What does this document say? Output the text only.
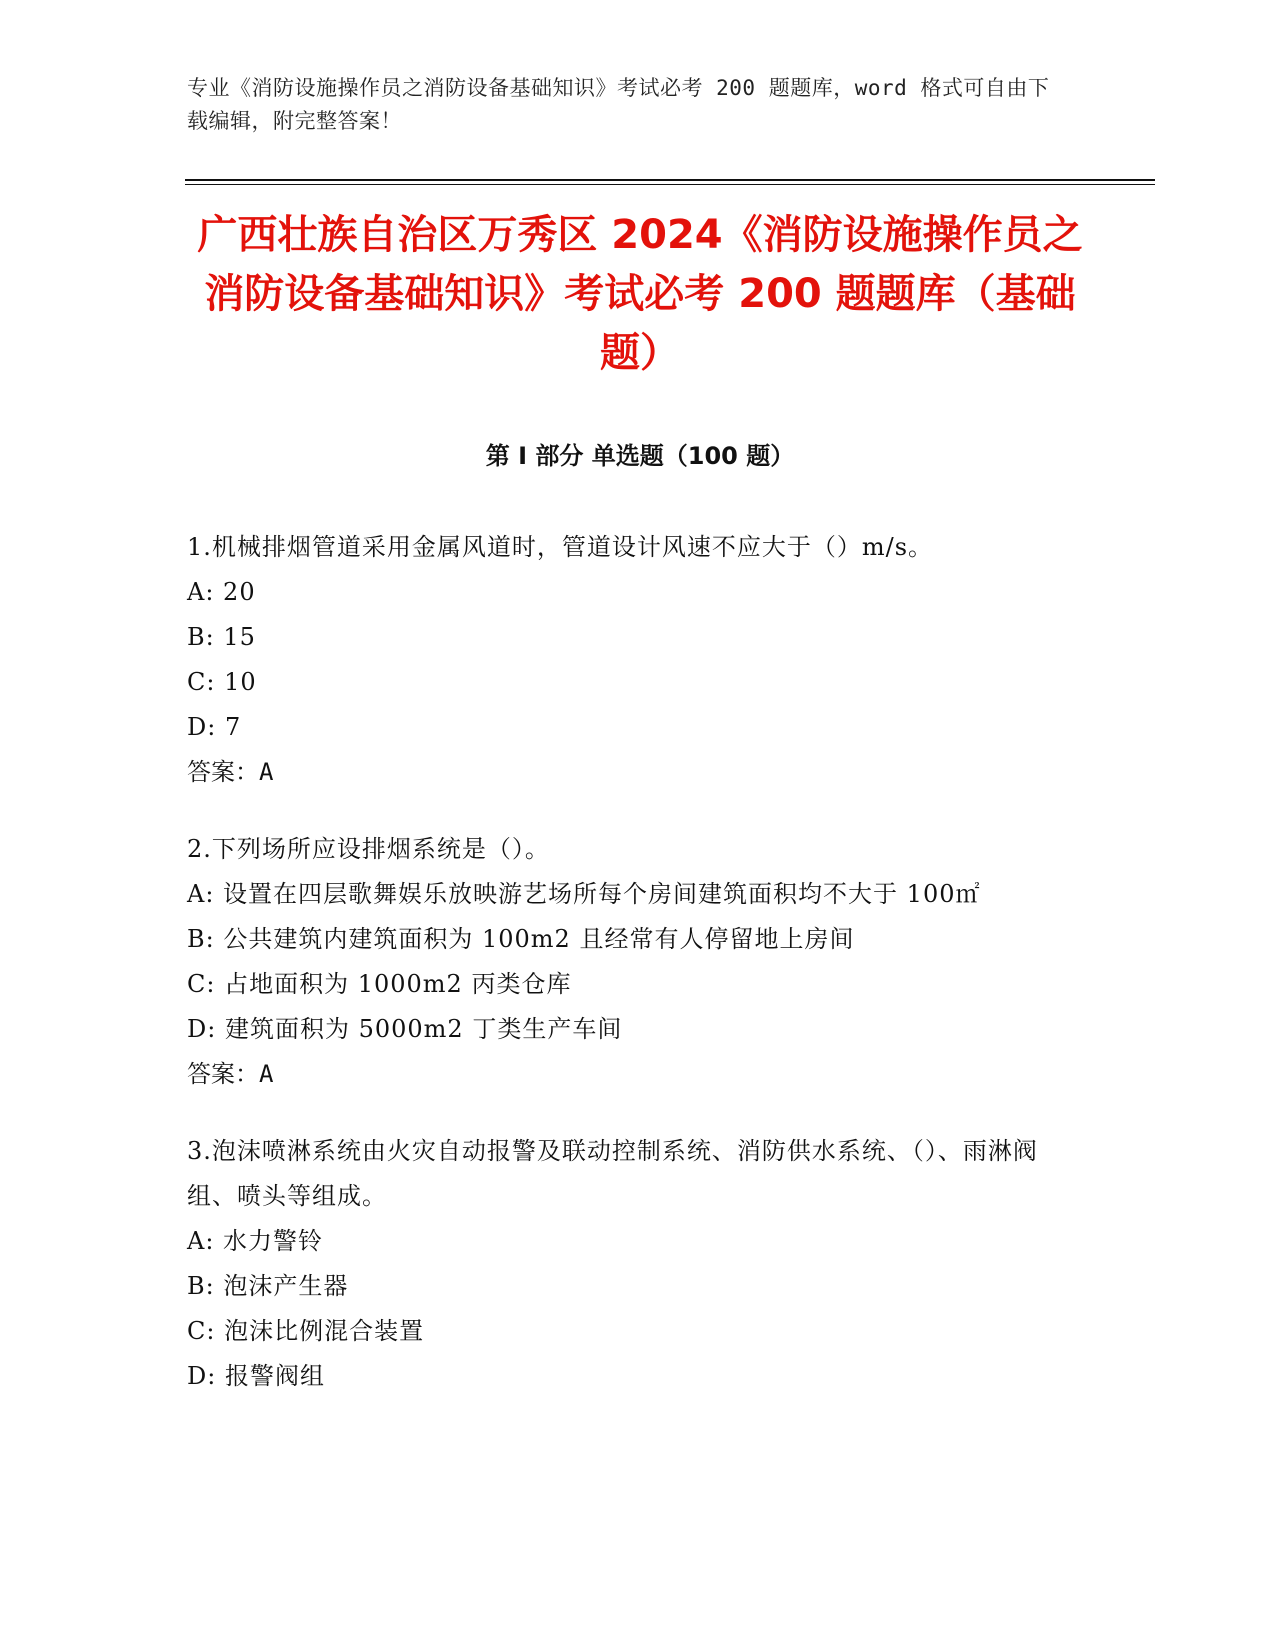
专业《消防设施操作员之消防设备基础知识》考试必考 200 题题库，word 格式可自由下载编辑，附完整答案！
广西壮族自治区万秀区 2024《消防设施操作员之消防设备基础知识》考试必考 200 题题库（基础题）
第 I 部分 单选题（100 题）

1.机械排烟管道采用金属风道时，管道设计风速不应大于（）m/s。

A: 20

B: 15

C: 10

D: 7

答案：A

2.下列场所应设排烟系统是（）。

A: 设置在四层歌舞娱乐放映游艺场所每个房间建筑面积均不大于 100㎡

B: 公共建筑内建筑面积为 100m2 且经常有人停留地上房间

C: 占地面积为 1000m2 丙类仓库

D: 建筑面积为 5000m2 丁类生产车间

答案：A

3.泡沫喷淋系统由火灾自动报警及联动控制系统、消防供水系统、（）、雨淋阀组、喷头等组成。

A: 水力警铃

B: 泡沫产生器

C: 泡沫比例混合装置

D: 报警阀组
